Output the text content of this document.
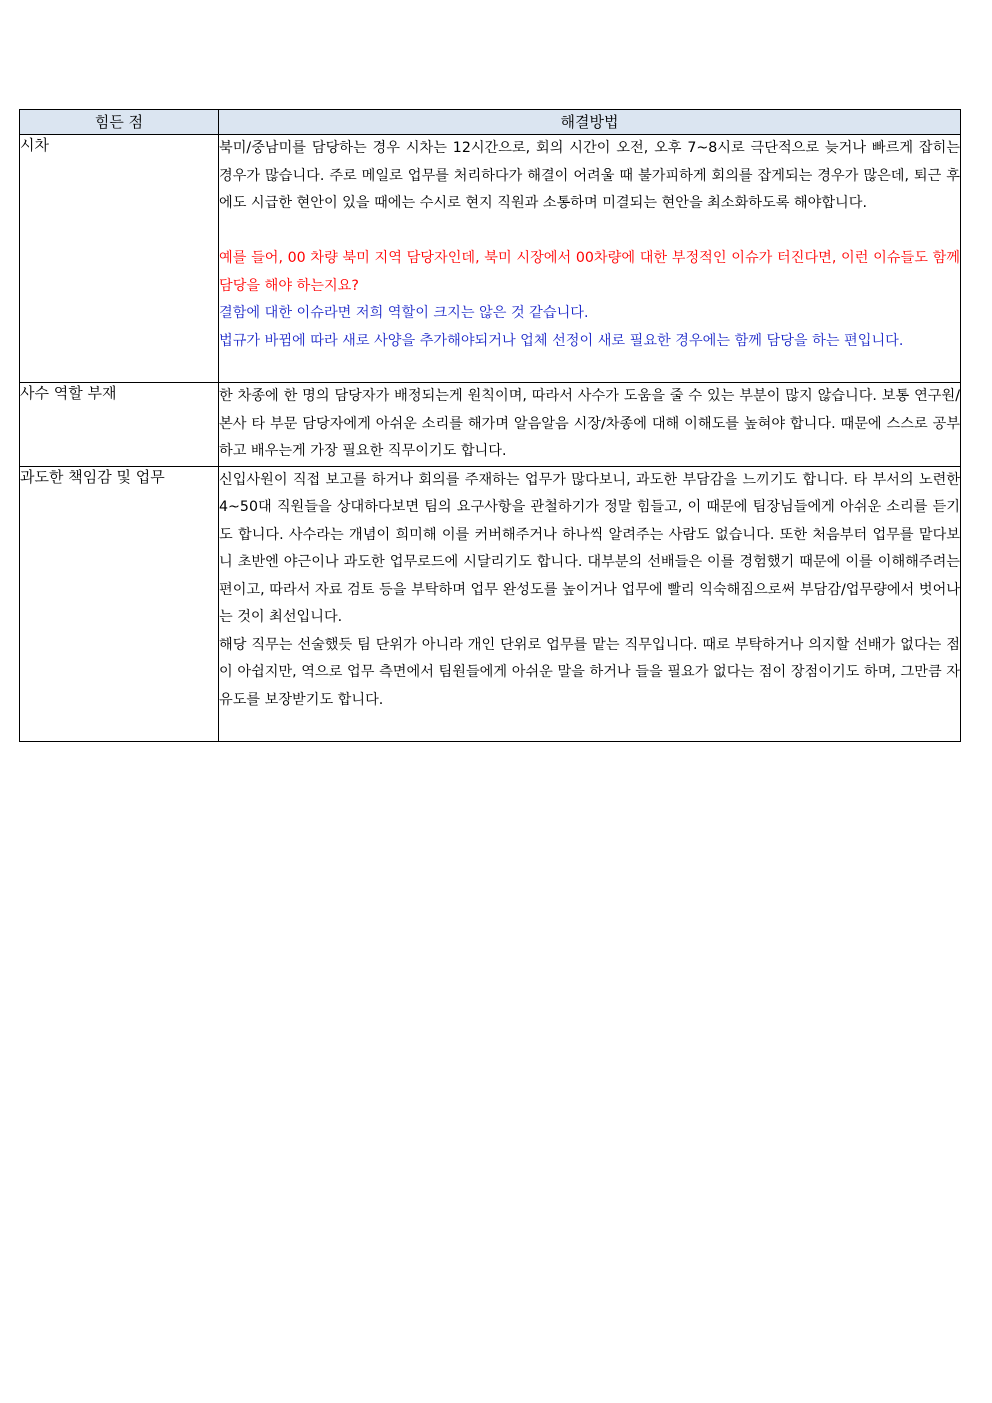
힘든 점	해결방법
시차	북미/중남미를 담당하는 경우 시차는 12시간으로, 회의 시간이 오전, 오후 7~8시로 극단적으로 늦거나 빠르게 잡히는 경우가 많습니다. 주로 메일로 업무를 처리하다가 해결이 어려울 때 불가피하게 회의를 잡게되는 경우가 많은데, 퇴근 후에도 시급한 현안이 있을 때에는 수시로 현지 직원과 소통하며 미결되는 현안을 최소화하도록 해야합니다.

예를 들어, 00 차량 북미 지역 담당자인데, 북미 시장에서 00차량에 대한 부정적인 이슈가 터진다면, 이런 이슈들도 함께 담당을 해야 하는지요?

결함에 대한 이슈라면 저희 역할이 크지는 않은 것 같습니다.

법규가 바뀜에 따라 새로 사양을 추가해야되거나 업체 선정이 새로 필요한 경우에는 함께 담당을 하는 편입니다.

사수 역할 부재	한 차종에 한 명의 담당자가 배정되는게 원칙이며, 따라서 사수가 도움을 줄 수 있는 부분이 많지 않습니다. 보통 연구원/본사 타 부문 담당자에게 아쉬운 소리를 해가며 알음알음 시장/차종에 대해 이해도를 높혀야 합니다. 때문에 스스로 공부하고 배우는게 가장 필요한 직무이기도 합니다.

과도한 책임감 및 업무	신입사원이 직접 보고를 하거나 회의를 주재하는 업무가 많다보니, 과도한 부담감을 느끼기도 합니다. 타 부서의 노련한 4~50대 직원들을 상대하다보면 팀의 요구사항을 관철하기가 정말 힘들고, 이 때문에 팀장님들에게 아쉬운 소리를 듣기도 합니다. 사수라는 개념이 희미해 이를 커버해주거나 하나씩 알려주는 사람도 없습니다. 또한 처음부터 업무를 맡다보니 초반엔 야근이나 과도한 업무로드에 시달리기도 합니다. 대부분의 선배들은 이를 경험했기 때문에 이를 이해해주려는 편이고, 따라서 자료 검토 등을 부탁하며 업무 완성도를 높이거나 업무에 빨리 익숙해짐으로써 부담감/업무량에서 벗어나는 것이 최선입니다.

해당 직무는 선술했듯 팀 단위가 아니라 개인 단위로 업무를 맡는 직무입니다. 때로 부탁하거나 의지할 선배가 없다는 점이 아쉽지만, 역으로 업무 측면에서 팀원들에게 아쉬운 말을 하거나 들을 필요가 없다는 점이 장점이기도 하며, 그만큼 자유도를 보장받기도 합니다.
